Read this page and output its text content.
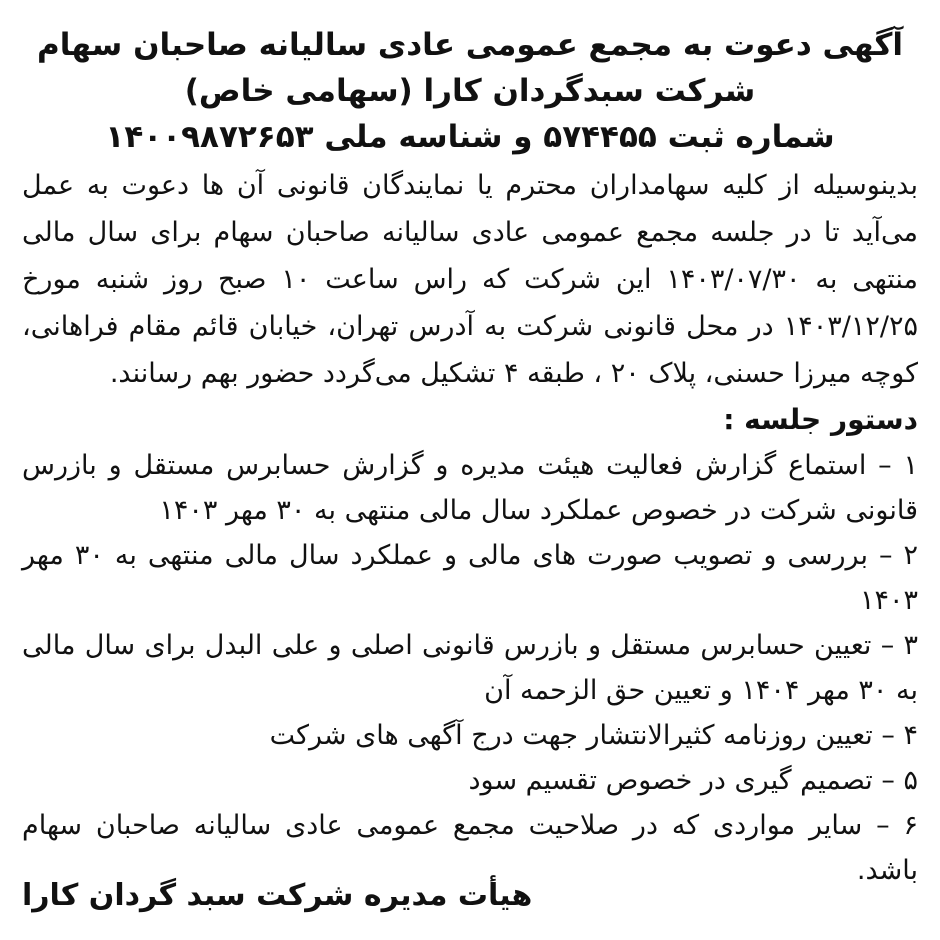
آگهی دعوت به مجمع عمومی عادی سالیانه صاحبان سهام
شرکت سبدگردان کارا (سهامی خاص)
شماره ثبت ۵۷۴۴۵۵ و شناسه ملی ۱۴۰۰۹۸۷۲۶۵۳

بدینوسیله از کلیه سهامداران محترم یا نمایندگان قانونی آن ها دعوت به عمل می‌آید تا در جلسه مجمع عمومی عادی سالیانه صاحبان سهام برای سال مالی منتهی به ۱۴۰۳/۰۷/۳۰ این شرکت که راس ساعت ۱۰ صبح روز شنبه مورخ ۱۴۰۳/۱۲/۲۵ در محل قانونی شرکت به آدرس تهران، خیابان قائم مقام فراهانی، کوچه میرزا حسنی، پلاک ۲۰ ، طبقه ۴ تشکیل می‌گردد حضور بهم رسانند.

دستور جلسه :

۱ – استماع گزارش فعالیت هیئت مدیره و گزارش حسابرس مستقل و بازرس قانونی شرکت در خصوص عملکرد سال مالی منتهی به ۳۰ مهر ۱۴۰۳
۲ – بررسی و تصویب صورت های مالی و عملکرد سال مالی منتهی به ۳۰ مهر ۱۴۰۳
۳ – تعیین حسابرس مستقل و بازرس قانونی اصلی و علی البدل برای سال مالی به ۳۰ مهر ۱۴۰۴ و تعیین حق الزحمه آن
۴ – تعیین روزنامه کثیرالانتشار جهت درج آگهی های شرکت
۵ – تصمیم گیری در خصوص تقسیم سود
۶ – سایر مواردی که در صلاحیت مجمع عمومی عادی سالیانه صاحبان سهام باشد.
هیأت مدیره شرکت سبد گردان کارا
